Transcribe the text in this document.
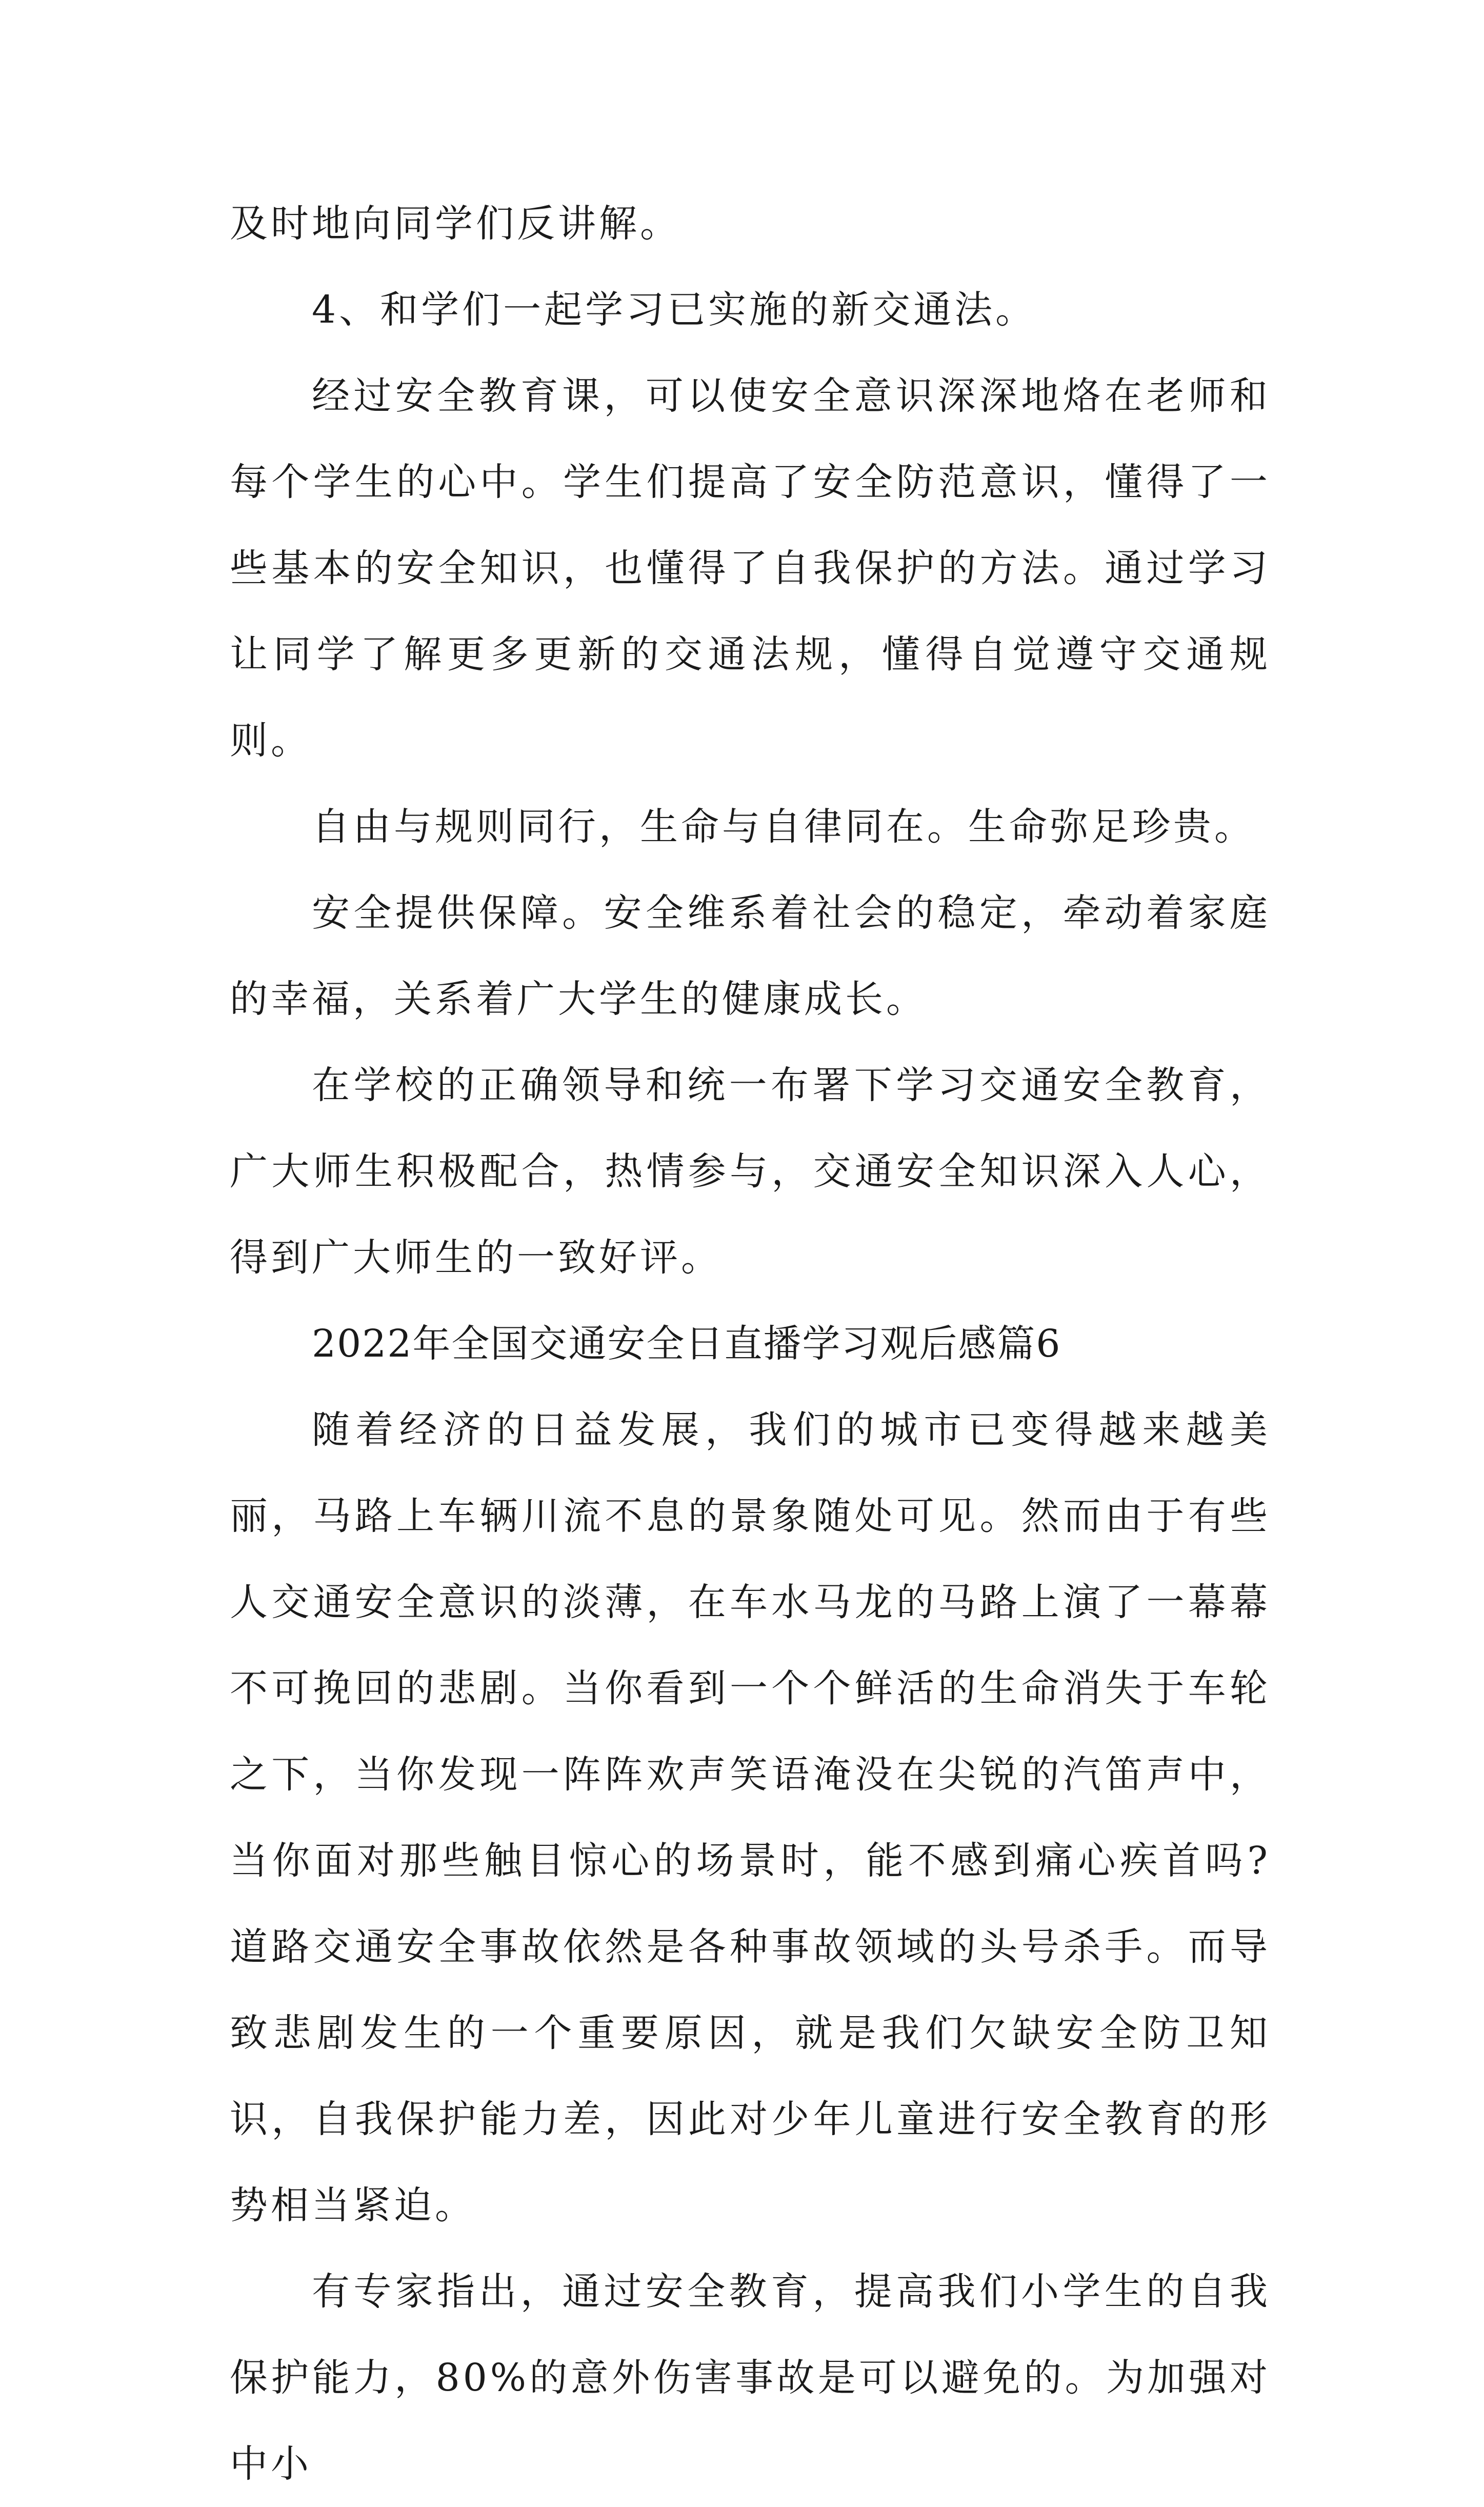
及时地向同学们反讲解。

4、和学们一起学习已实施的新交通法。

经过安全教育课，可以使安全意识深深地烙在老师和每个学生的心中。学生们提高了安全防范意识，懂得了一些基本的安全知识，也懂得了自我保护的方法。通过学习让同学了解更多更新的交通法规，懂得自觉遵守交通规则。

自由与规则同行，生命与自律同在。生命弥足珍贵。

安全提供保障。安全维系着社会的稳定，牵动着家庭的幸福，关系着广大学生的健康成长。

在学校的正确领导和统一布署下学习交通安全教育，广大师生积极配合，热情参与，交通安全知识深入人心，得到广大师生的一致好评。

2022年全国交通安全日直播学习观后感篇6

随着经济的日益发展，我们的城市已变得越来越美丽，马路上车辆川流不息的景象随处可见。然而由于有些人交通安全意识的淡薄，在车水马龙的马路上演了一幕幕不可挽回的悲剧。当你看到一个个鲜活的生命消失于车轮之下，当你发现一阵阵欢声笑语淹没在尖锐的汽笛声中，当你面对那些触目惊心的场景时，能不感到痛心疾首吗?道路交通安全事故依然是各种事故领域的头号杀手。而导致悲剧发生的一个重要原因，就是我们欠缺安全防卫知识，自我保护能力差，因此对少年儿童进行安全教育的形势相当紧迫。

有专家指出，通过安全教育，提高我们小学生的自我保护能力，80%的意外伤害事故是可以避免的。为加强对中小
